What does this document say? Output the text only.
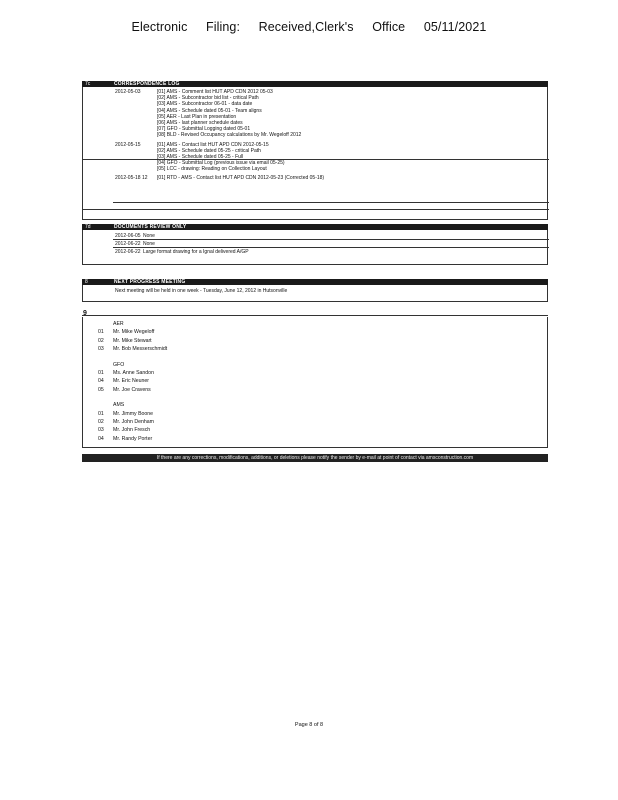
Electronic Filing: Received,Clerk's Office 05/11/2021
7c	CORRESPONDENCE LOG
2012-05-03	[01] AMS - Comment list HUT APD CDN 2012 05-03
[02] AMS - Subcontractor bid list - critical Path
[03] AMS - Subcontractor 06-01 - data date
[04] AMS - Schedule dated 05-01 - Team aligns
[05] AER - Last Plan in presentation
[06] AMS - last planner schedule dates
[07] GFO - Submittal Logging dated 05-01
[08] BLD - Revised Occupancy calculations by Mr. Wegeloff 2012
2012-05-15	[01] AMS - Contact list HUT APD CDN 2012-05-15
[02] AMS - Schedule dated 05-25 - critical Path
[03] AMS - Schedule dated 05-25 - Full
[04] GFO - Submittal Log (previous issue via email 05-25)
[05] LCC - drawing: Reading on Collection Layout
2012-05-18 12 [01] RTD - AMS - Contact list HUT APD CDN 2012-05-23 (Corrected 05-18)
7d	DOCUMENTS REVIEW ONLY
2012-06-05 None
2012-06-22 None
2012-06-22 Large format drawing for a Ignal delivered A/GP
8	NEXT PROGRESS MEETING
Next meeting will be held in one week - Tuesday, June 12, 2012 in Hutsonville
9
AER
01 Mr. Mike Wegeloff
02 Mr. Mike Stewart
03 Mr. Bob Messerschmidt
GFO
01 Ms. Anne Sandon
04 Mr. Eric Neuner
05 Mr. Joe Cravens
AMS
01 Mr. Jimmy Boone
02 Mr. John Denham
03 Mr. John Fresch
04 Mr. Randy Porter
If there are any corrections, modifications, additions, or deletions please notify the sender by e-mail at point of contact via amsconstruction.com
Page 8 of 8
